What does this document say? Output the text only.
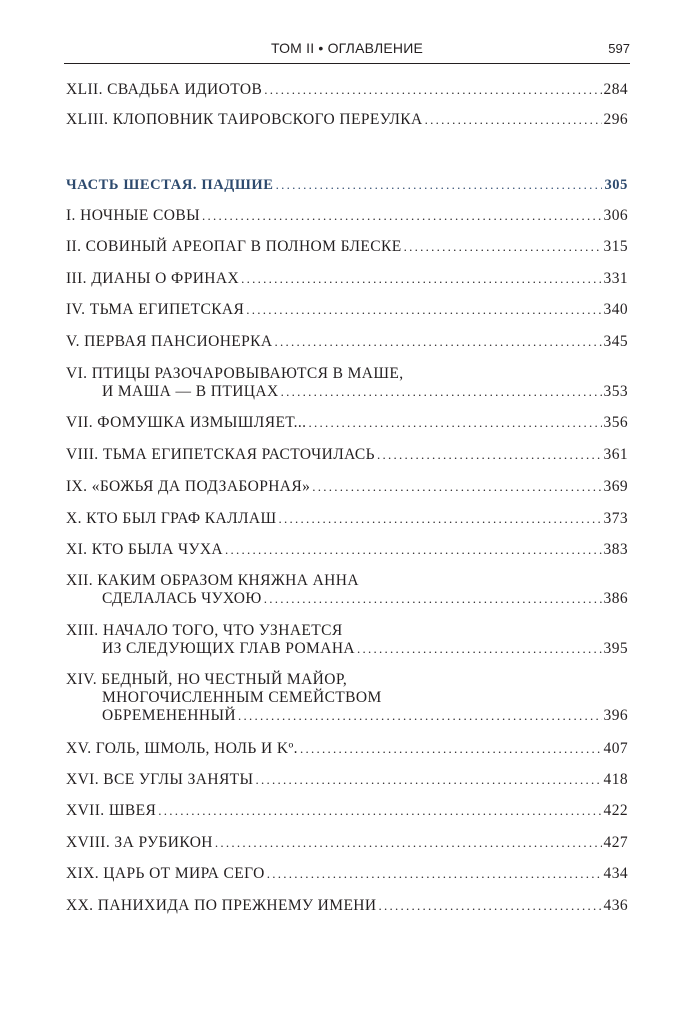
ТОМ II • ОГЛАВЛЕНИЕ	597
XLII. СВАДЬБА ИДИОТОВ . . .	284
XLIII. КЛОПОВНИК ТАИРОВСКОГО ПЕРЕУЛКА . . .	296
ЧАСТЬ ШЕСТАЯ. ПАДШИЕ . . .	305
I. НОЧНЫЕ СОВЫ . . .	306
II. СОВИНЫЙ АРЕОПАГ В ПОЛНОМ БЛЕСКЕ . . .	315
III. ДИАНЫ О ФРИНАХ . . .	331
IV. ТЬМА ЕГИПЕТСКАЯ . . .	340
V. ПЕРВАЯ ПАНСИОНЕРКА . . .	345
VI. ПТИЦЫ РАЗОЧАРОВЫВАЮТСЯ В МАШЕ,
И МАША — В ПТИЦАХ . . .	353
VII. ФОМУШКА ИЗМЫШЛЯЕТ... . . .	356
VIII. ТЬМА ЕГИПЕТСКАЯ РАСТОЧИЛАСЬ . . .	361
IX. «БОЖЬЯ ДА ПОДЗАБОРНАЯ» . . .	369
X. КТО БЫЛ ГРАФ КАЛЛАШ . . .	373
XI. КТО БЫЛА ЧУХА . . .	383
XII. КАКИМ ОБРАЗОМ КНЯЖНА АННА
СДЕЛАЛАСЬ ЧУХОЮ . . .	386
XIII. НАЧАЛО ТОГО, ЧТО УЗНАЕТСЯ
ИЗ СЛЕДУЮЩИХ ГЛАВ РОМАНА . . .	395
XIV. БЕДНЫЙ, НО ЧЕСТНЫЙ МАЙОР,
МНОГОЧИСЛЕННЫМ СЕМЕЙСТВОМ
ОБРЕМЕНЕННЫЙ . . .	396
XV. ГОЛЬ, ШМОЛЬ, НОЛЬ И Kº. . . .	407
XVI. ВСЕ УГЛЫ ЗАНЯТЫ . . .	418
XVII. ШВЕЯ . . .	422
XVIII. ЗА РУБИКОН . . .	427
XIX. ЦАРЬ ОТ МИРА СЕГО . . .	434
XX. ПАНИХИДА ПО ПРЕЖНЕМУ ИМЕНИ . . .	436
